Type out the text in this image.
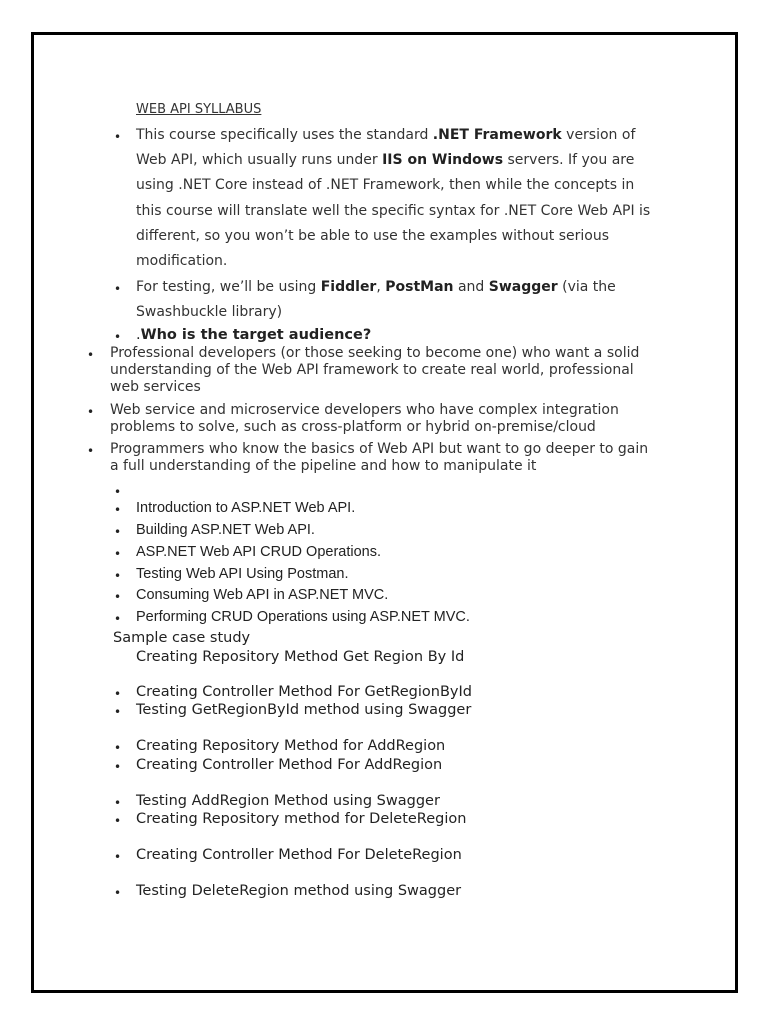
WEB API SYLLABUS
• This course specifically uses the standard .NET Framework version of
Web API, which usually runs under IIS on Windows servers. If you are
using .NET Core instead of .NET Framework, then while the concepts in
this course will translate well the specific syntax for .NET Core Web API is
different, so you won’t be able to use the examples without serious
modification.
• For testing, we’ll be using Fiddler, PostMan and Swagger (via the
Swashbuckle library)
• .Who is the target audience?
• Professional developers (or those seeking to become one) who want a solid
understanding of the Web API framework to create real world, professional
web services
• Web service and microservice developers who have complex integration
problems to solve, such as cross-platform or hybrid on-premise/cloud
• Programmers who know the basics of Web API but want to go deeper to gain
a full understanding of the pipeline and how to manipulate it
•
• Introduction to ASP.NET Web API.
• Building ASP.NET Web API.
• ASP.NET Web API CRUD Operations.
• Testing Web API Using Postman.
• Consuming Web API in ASP.NET MVC.
• Performing CRUD Operations using ASP.NET MVC.
Sample case study
Creating Repository Method Get Region By Id
• Creating Controller Method For GetRegionById
• Testing GetRegionById method using Swagger
• Creating Repository Method for AddRegion
• Creating Controller Method For AddRegion
• Testing AddRegion Method using Swagger
• Creating Repository method for DeleteRegion
• Creating Controller Method For DeleteRegion
• Testing DeleteRegion method using Swagger
